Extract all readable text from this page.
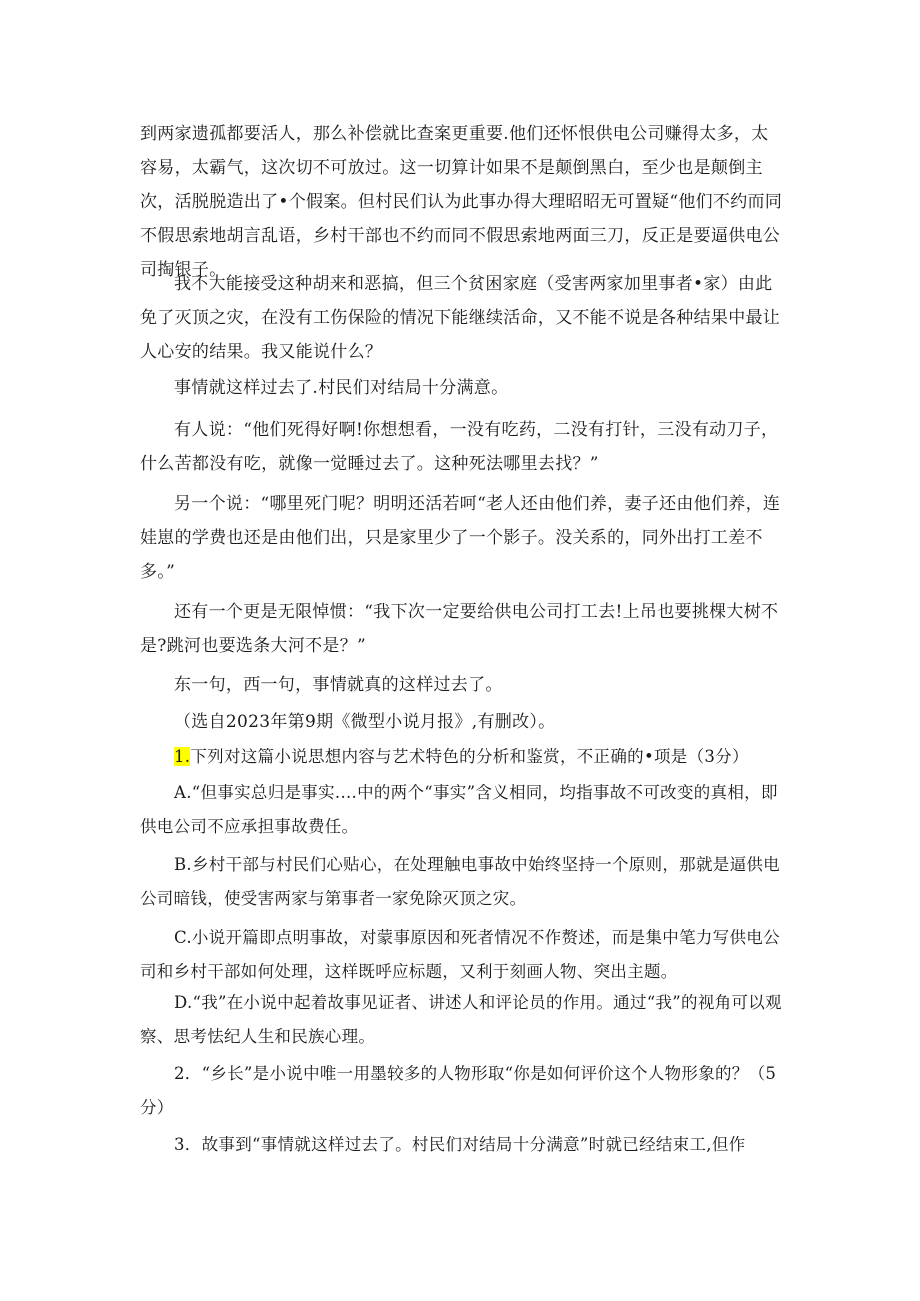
到两家遗孤都要活人，那么补偿就比查案更重要.他们还怀恨供电公司赚得太多，太容易，太霸气，这次切不可放过。这一切算计如果不是颠倒黑白，至少也是颠倒主次，活脱脱造出了•个假案。但村民们认为此事办得大理昭昭无可置疑“他们不约而同不假思索地胡言乱语，乡村干部也不约而同不假思索地两面三刀，反正是要逼供电公司掏银子。

我不大能接受这种胡来和恶搞，但三个贫困家庭（受害两家加里事者•家）由此免了灭顶之灾，在没有工伤保险的情况下能继续活命，又不能不说是各种结果中最让人心安的结果。我又能说什么？

事情就这样过去了.村民们对结局十分满意。

有人说：“他们死得好啊!你想想看，一没有吃药，二没有打针，三没有动刀子，什么苦都没有吃，就像一觉睡过去了。这种死法哪里去找？”

另一个说：“哪里死门呢？明明还活若呵“老人还由他们养，妻子还由他们养，连娃崽的学费也还是由他们出，只是家里少了一个影子。没关系的，同外出打工差不多。”

还有一个更是无限悼惯：“我下次一定要给供电公司打工去!上吊也要挑棵大树不是?跳河也要选条大河不是？”

东一句，西一句，事情就真的这样过去了。

（选自2023年第9期《微型小说月报》,有删改）。

1.下列对这篇小说思想内容与艺术特色的分析和鉴赏，不正确的•项是（3分）

A.“但事实总归是事实....中的两个“事实”含义相同，均指事故不可改变的真相，即供电公司不应承担事故费任。

B.乡村干部与村民们心贴心，在处理触电事故中始终坚持一个原则，那就是逼供电公司暗钱，使受害两家与第事者一家免除灭顶之灾。

C.小说开篇即点明事故，对蒙事原因和死者情况不作赘述，而是集中笔力写供电公司和乡村干部如何处理，这样既呼应标题，又利于刻画人物、突出主题。

D.“我”在小说中起着故事见证者、讲述人和评论员的作用。通过“我”的视角可以观察、思考怯纪人生和民族心理。

2．“乡长”是小说中唯一用墨较多的人物形取“你是如何评价这个人物形象的？（5分）

3．故事到“事情就这样过去了。村民们对结局十分满意”时就已经结束工,但作
